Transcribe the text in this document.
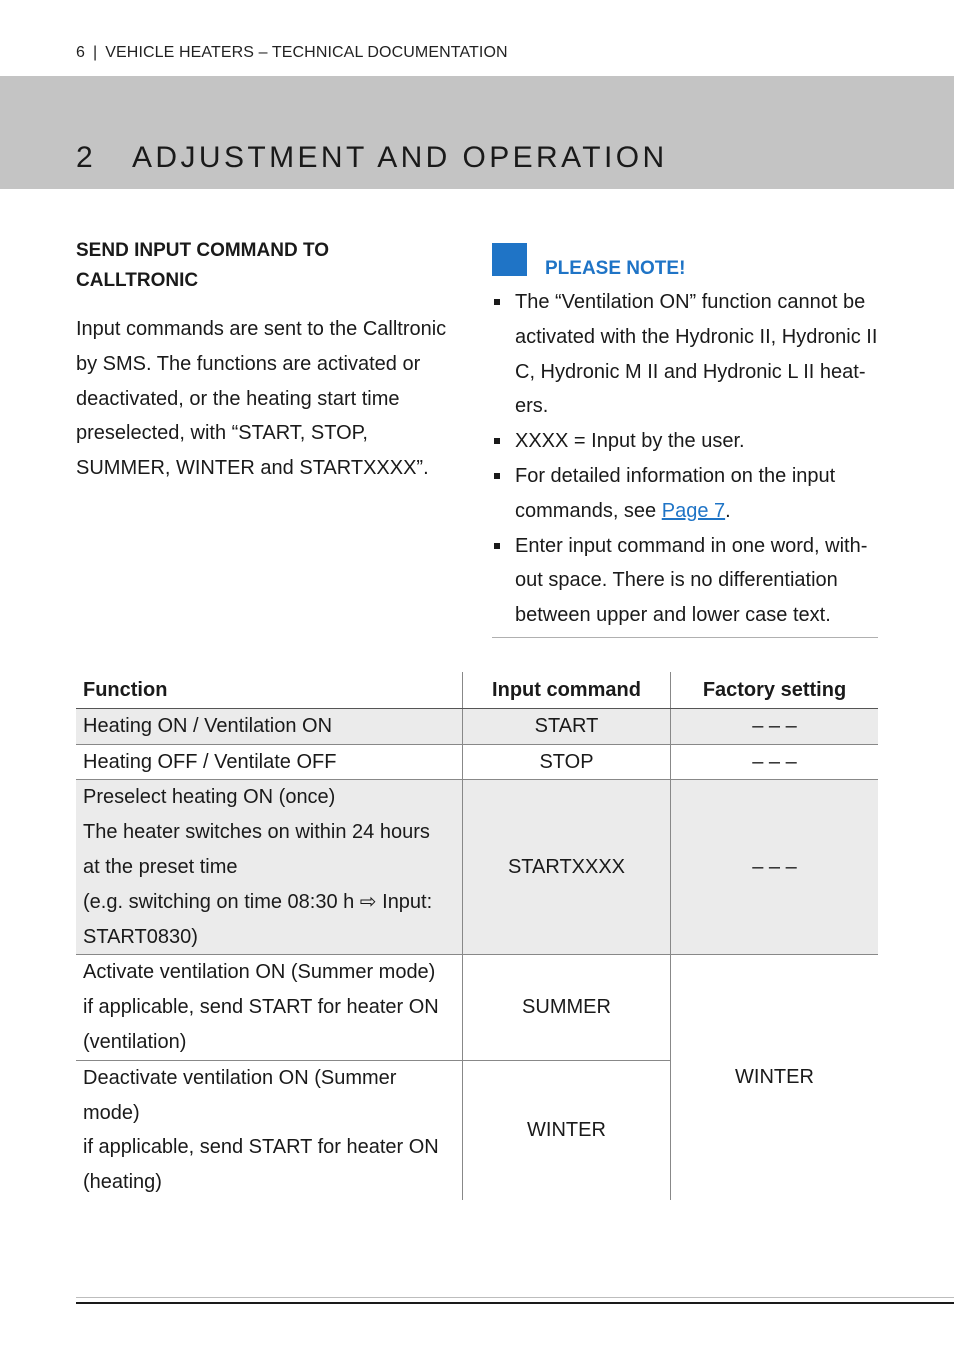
6 | VEHICLE HEATERS – TECHNICAL DOCUMENTATION
2 ADJUSTMENT AND OPERATION
SEND INPUT COMMAND TO CALLTRONIC

Input commands are sent to the Calltronic by SMS. The functions are activated or deactivated, or the heating start time preselected, with “START, STOP, SUMMER, WINTER and STARTXXXX”.

PLEASE NOTE!

The “Ventilation ON” function cannot be activated with the Hydronic II, Hydronic II C, Hydronic M II and Hydronic L II heat-ers.
XXXX = Input by the user.
For detailed information on the input commands, see Page 7.
Enter input command in one word, with-out space. There is no differentiation between upper and lower case text.
Function	Input command	Factory setting

Heating ON / Ventilation ON	START	– – –

Heating OFF / Ventilate OFF	STOP	– – –

Preselect heating ON (once)
The heater switches on within 24 hours
at the preset time
(e.g. switching on time 08:30 h ⇨ Input:
START0830)	STARTXXXX	– – –

Activate ventilation ON (Summer mode)
if applicable, send START for heater ON
(ventilation)	SUMMER	WINTER

Deactivate ventilation ON (Summer mode)
if applicable, send START for heater ON
(heating)	WINTER	
